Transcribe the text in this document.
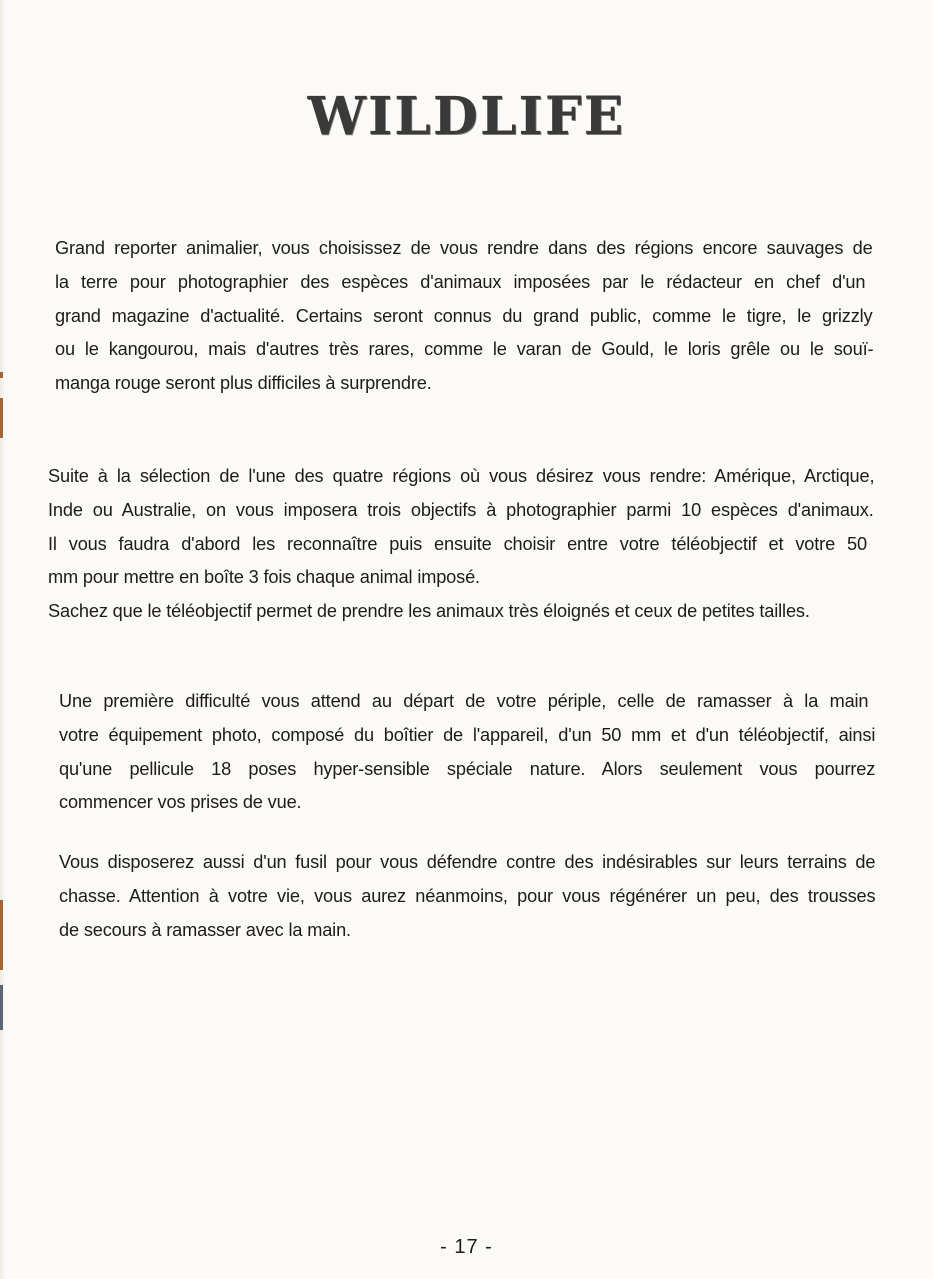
WILDLIFE

Grand reporter animalier, vous choisissez de vous rendre dans des régions encore sauvages de
la terre pour photographier des espèces d'animaux imposées par le rédacteur en chef d'un
grand magazine d'actualité. Certains seront connus du grand public, comme le tigre, le grizzly
ou le kangourou, mais d'autres très rares, comme le varan de Gould, le loris grêle ou le souï-
manga rouge seront plus difficiles à surprendre.

Suite à la sélection de l'une des quatre régions où vous désirez vous rendre: Amérique, Arctique,
Inde ou Australie, on vous imposera trois objectifs à photographier parmi 10 espèces d'animaux.
Il vous faudra d'abord les reconnaître puis ensuite choisir entre votre téléobjectif et votre 50
mm pour mettre en boîte 3 fois chaque animal imposé.
Sachez que le téléobjectif permet de prendre les animaux très éloignés et ceux de petites tailles.

Une première difficulté vous attend au départ de votre périple, celle de ramasser à la main
votre équipement photo, composé du boîtier de l'appareil, d'un 50 mm et d'un téléobjectif, ainsi
qu'une pellicule 18 poses hyper-sensible spéciale nature. Alors seulement vous pourrez
commencer vos prises de vue.

Vous disposerez aussi d'un fusil pour vous défendre contre des indésirables sur leurs terrains de
chasse. Attention à votre vie, vous aurez néanmoins, pour vous régénérer un peu, des trousses
de secours à ramasser avec la main.

- 17 -
